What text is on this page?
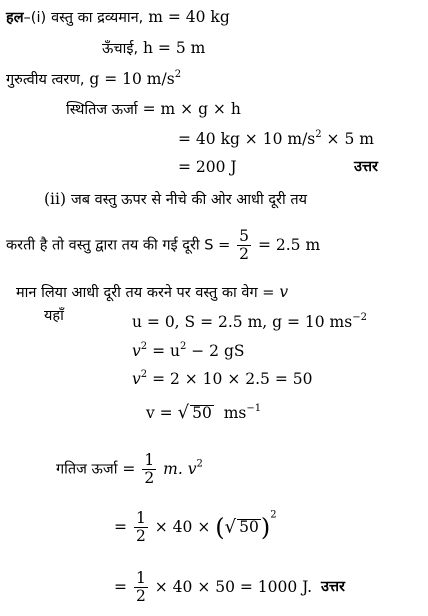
हल–(i) वस्तु का द्रव्यमान, m = 40 kg
ऊँचाई, h = 5 m
गुरुत्वीय त्वरण, g = 10 $m/s^2$
स्थितिज ऊर्जा = m × g × h
= 40 kg × 10 $m/s^2 \times 5$ m
= 200 J	उत्तर
(ii) जब वस्तु ऊपर से नीचे की ओर आधी दूरी तय
करती है तो वस्तु द्वारा तय की गई दूरी $S = \frac{5}{2} = 2.5$ m
मान लिया आधी दूरी तय करने पर वस्तु का वेग = v
यहाँ	u = 0, S = 2.5 m, g = 10 $ms^{-2}$
$v^2 = u^2 - 2$ gS
$v^2 = 2 \times 10 \times 2.5 = 50$
v = √ 50 $ms^{-1}$
गतिज ऊर्जा = $\frac{1}{2} m$. $v^2$
= $\frac{1}{2} \times 40$ × (√ 50)$^2$
= $\frac{1}{2} \times 40 \times 50 = 1000$ J. उत्तर
